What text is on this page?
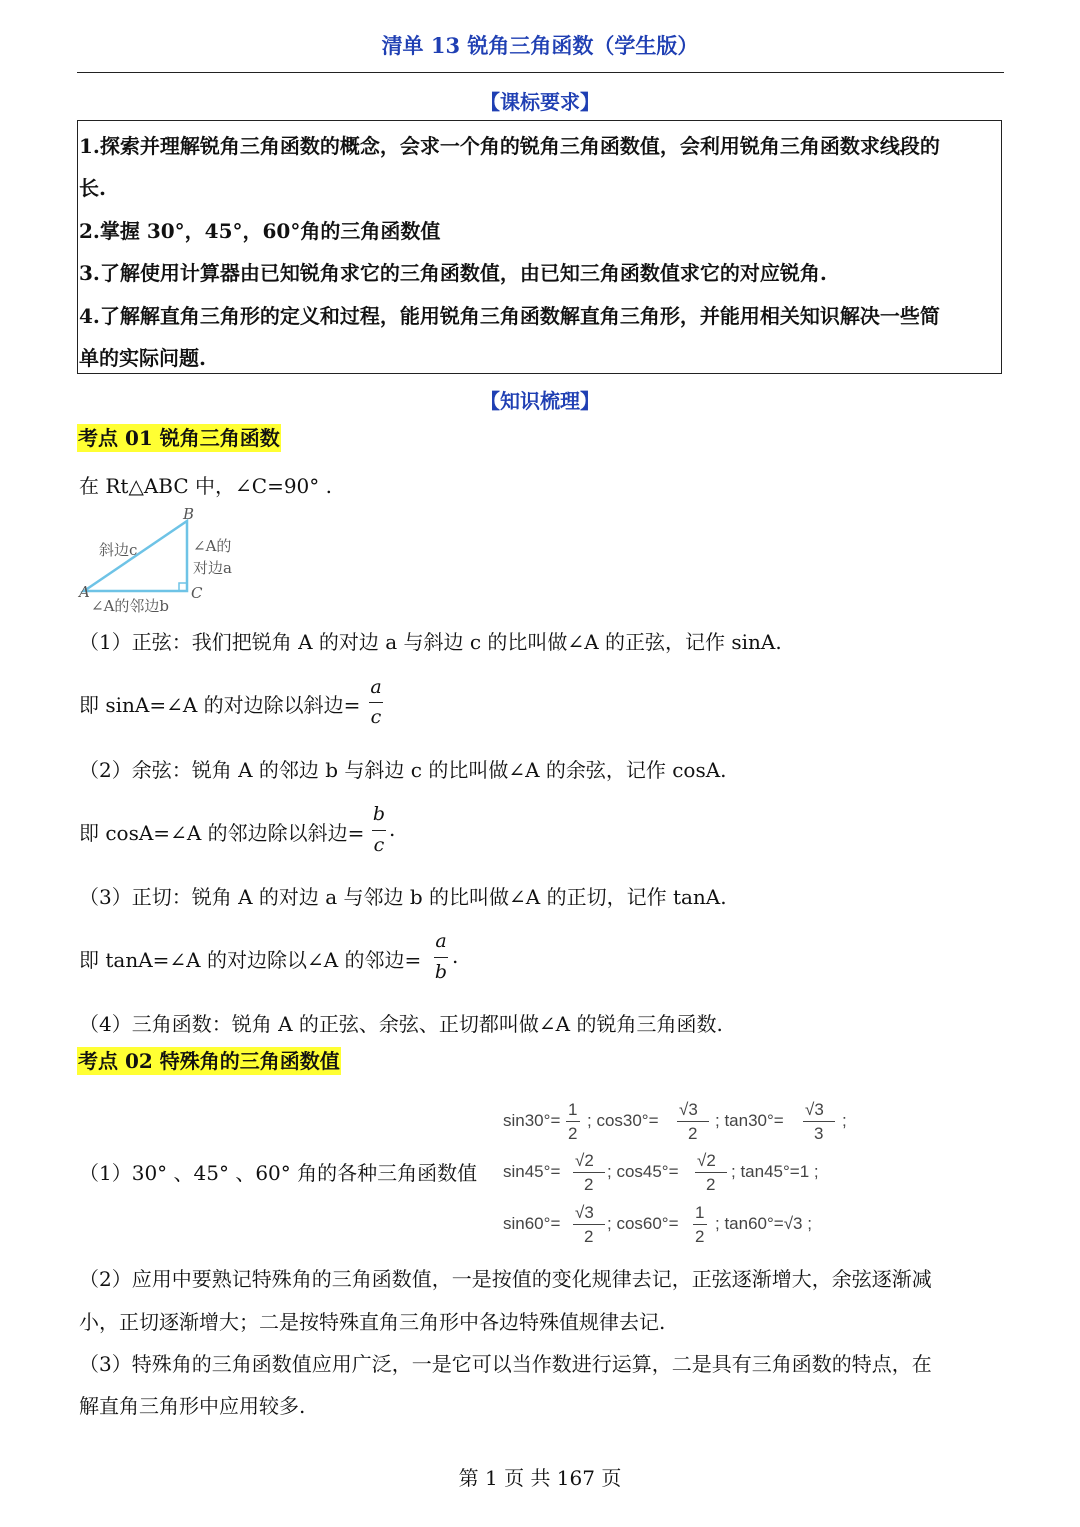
清单 13 锐角三角函数（学生版）
【课标要求】
1.探索并理解锐角三角函数的概念，会求一个角的锐角三角函数值，会利用锐角三角函数求线段的
长.
2.掌握 30°，45°，60°角的三角函数值
3.了解使用计算器由已知锐角求它的三角函数值，由已知三角函数值求它的对应锐角.
4.了解解直角三角形的定义和过程，能用锐角三角函数解直角三角形，并能用相关知识解决一些简
单的实际问题.
【知识梳理】
考点 01 锐角三角函数
在 Rt△ABC 中，∠C=90° .
B
A	C
斜边c	∠A的
对边a
∠A的邻边b
（1）正弦：我们把锐角 A 的对边 a 与斜边 c 的比叫做∠A 的正弦，记作 sinA.
即 sinA=∠A 的对边除以斜边=
a
c
（2）余弦：锐角 A 的邻边 b 与斜边 c 的比叫做∠A 的余弦，记作 cosA.
即 cosA=∠A 的邻边除以斜边=
b
c
.
（3）正切：锐角 A 的对边 a 与邻边 b 的比叫做∠A 的正切，记作 tanA.
即 tanA=∠A 的对边除以∠A 的邻边=
a
b
.
（4）三角函数：锐角 A 的正弦、余弦、正切都叫做∠A 的锐角三角函数.
考点 02 特殊角的三角函数值
（1）30° 、45° 、60° 角的各种三角函数值
sin30°=
1
2
; cos30°=
√3
2
; tan30°=
√3
3
;
sin45°=
√2
2
; cos45°=
√2
2
; tan45°=1 ;
sin60°=
√3
2
; cos60°=
1
2
; tan60°=√3 ;
（2）应用中要熟记特殊角的三角函数值，一是按值的变化规律去记，正弦逐渐增大，余弦逐渐减
小，正切逐渐增大；二是按特殊直角三角形中各边特殊值规律去记.
（3）特殊角的三角函数值应用广泛，一是它可以当作数进行运算，二是具有三角函数的特点，在
解直角三角形中应用较多.
第 1 页 共 167 页
